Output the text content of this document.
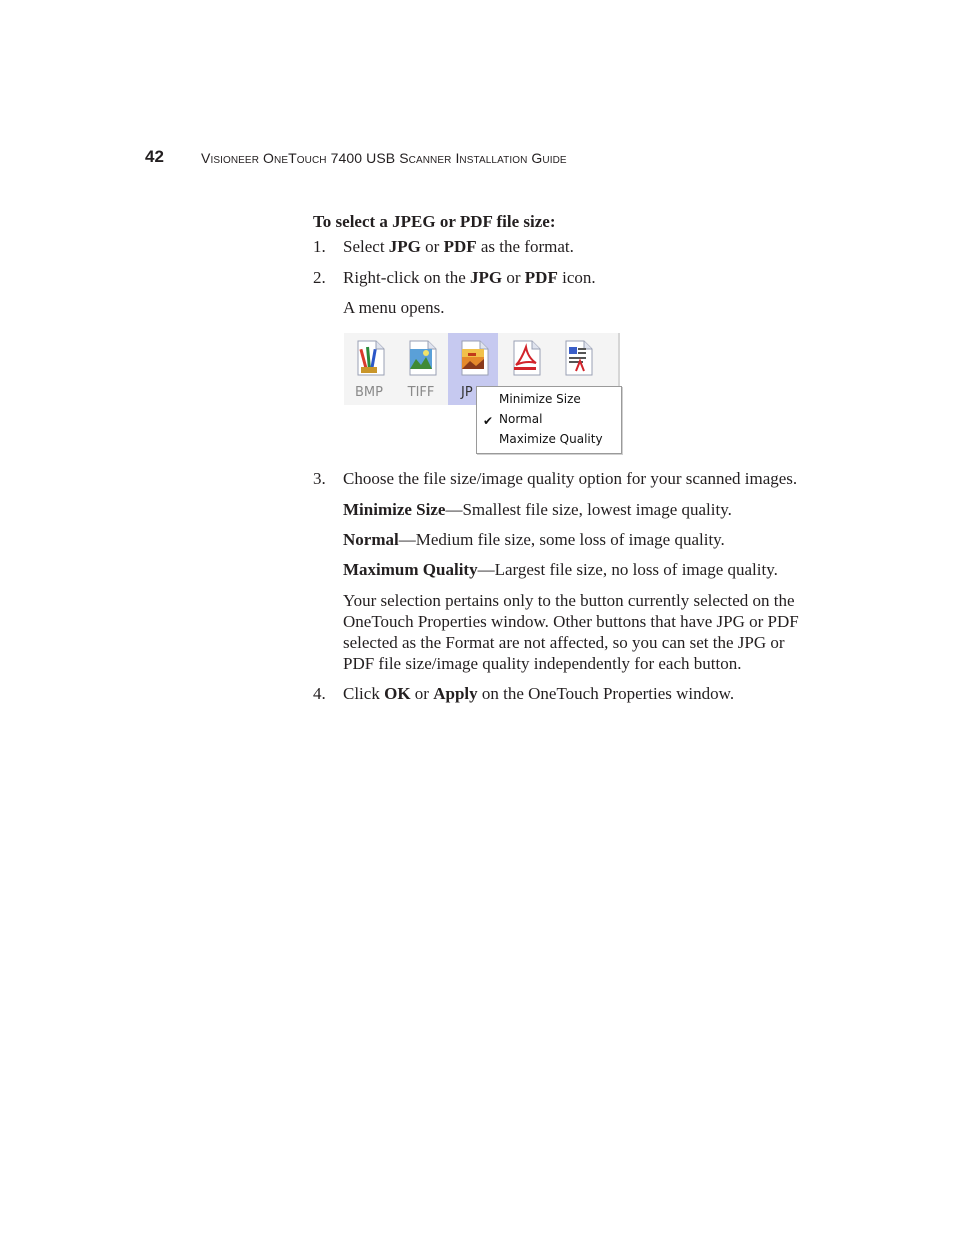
42	Visioneer OneTouch 7400 USB Scanner Installation Guide
To select a JPEG or PDF file size:
1.	Select JPG or PDF as the format.
2.	Right-click on the JPG or PDF icon.
A menu opens.
3.	Choose the file size/image quality option for your scanned images.
Minimize Size—Smallest file size, lowest image quality.
Normal—Medium file size, some loss of image quality.
Maximum Quality—Largest file size, no loss of image quality.
Your selection pertains only to the button currently selected on the OneTouch Properties window. Other buttons that have JPG or PDF selected as the Format are not affected, so you can set the JPG or PDF file size/image quality independently for each button.
4.	Click OK or Apply on the OneTouch Properties window.
BMP	TIFF	JP	Minimize Size
✔ Normal
Maximize Quality
